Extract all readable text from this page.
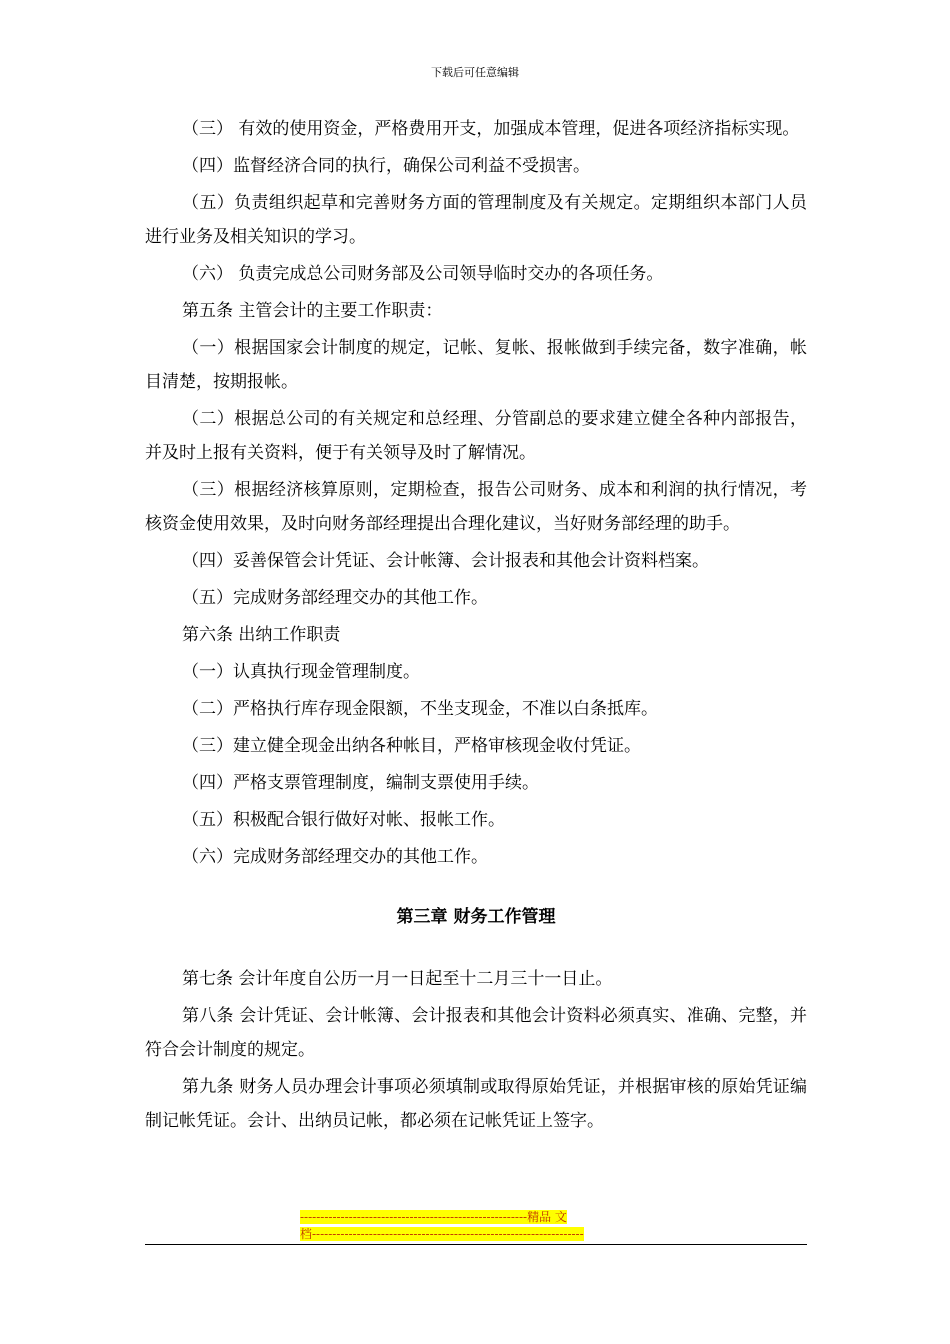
下载后可任意编辑

（三） 有效的使用资金，严格费用开支，加强成本管理，促进各项经济指标实现。

（四）监督经济合同的执行，确保公司利益不受损害。

（五）负责组织起草和完善财务方面的管理制度及有关规定。定期组织本部门人员进行业务及相关知识的学习。

（六） 负责完成总公司财务部及公司领导临时交办的各项任务。

第五条 主管会计的主要工作职责：

（一）根据国家会计制度的规定，记帐、复帐、报帐做到手续完备，数字准确，帐目清楚，按期报帐。

（二）根据总公司的有关规定和总经理、分管副总的要求建立健全各种内部报告，并及时上报有关资料，便于有关领导及时了解情况。

（三）根据经济核算原则，定期检查，报告公司财务、成本和利润的执行情况，考核资金使用效果，及时向财务部经理提出合理化建议，当好财务部经理的助手。

（四）妥善保管会计凭证、会计帐簿、会计报表和其他会计资料档案。

（五）完成财务部经理交办的其他工作。

第六条 出纳工作职责

（一）认真执行现金管理制度。

（二）严格执行库存现金限额，不坐支现金，不准以白条抵库。

（三）建立健全现金出纳各种帐目，严格审核现金收付凭证。

（四）严格支票管理制度，编制支票使用手续。

（五）积极配合银行做好对帐、报帐工作。

（六）完成财务部经理交办的其他工作。

第三章 财务工作管理

第七条 会计年度自公历一月一日起至十二月三十一日止。

第八条 会计凭证、会计帐簿、会计报表和其他会计资料必须真实、准确、完整，并符合会计制度的规定。

第九条 财务人员办理会计事项必须填制或取得原始凭证，并根据审核的原始凭证编制记帐凭证。会计、出纳员记帐，都必须在记帐凭证上签字。

--------------------------------------------------------精品 文
档-------------------------------------------------------------------
